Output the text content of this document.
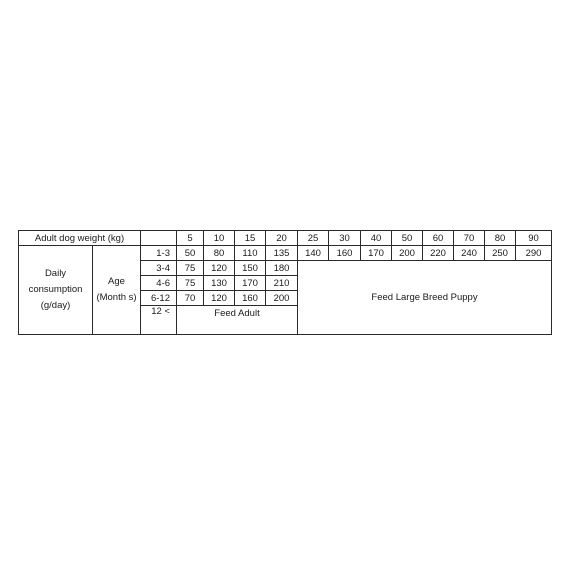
Adult dog weight (kg)			5	10	15	20	25	30	40	50	60	70	80	90
Daily consumption (g/day)	Age (Month s)	1-3	50	80	110	135	140	160	170	200	220	240	250	290
		3-4	75	120	150	180	Feed Large Breed Puppy							
		4-6	75	130	170	210								
		6-12	70	120	160	200								
		12 <	Feed Adult											
